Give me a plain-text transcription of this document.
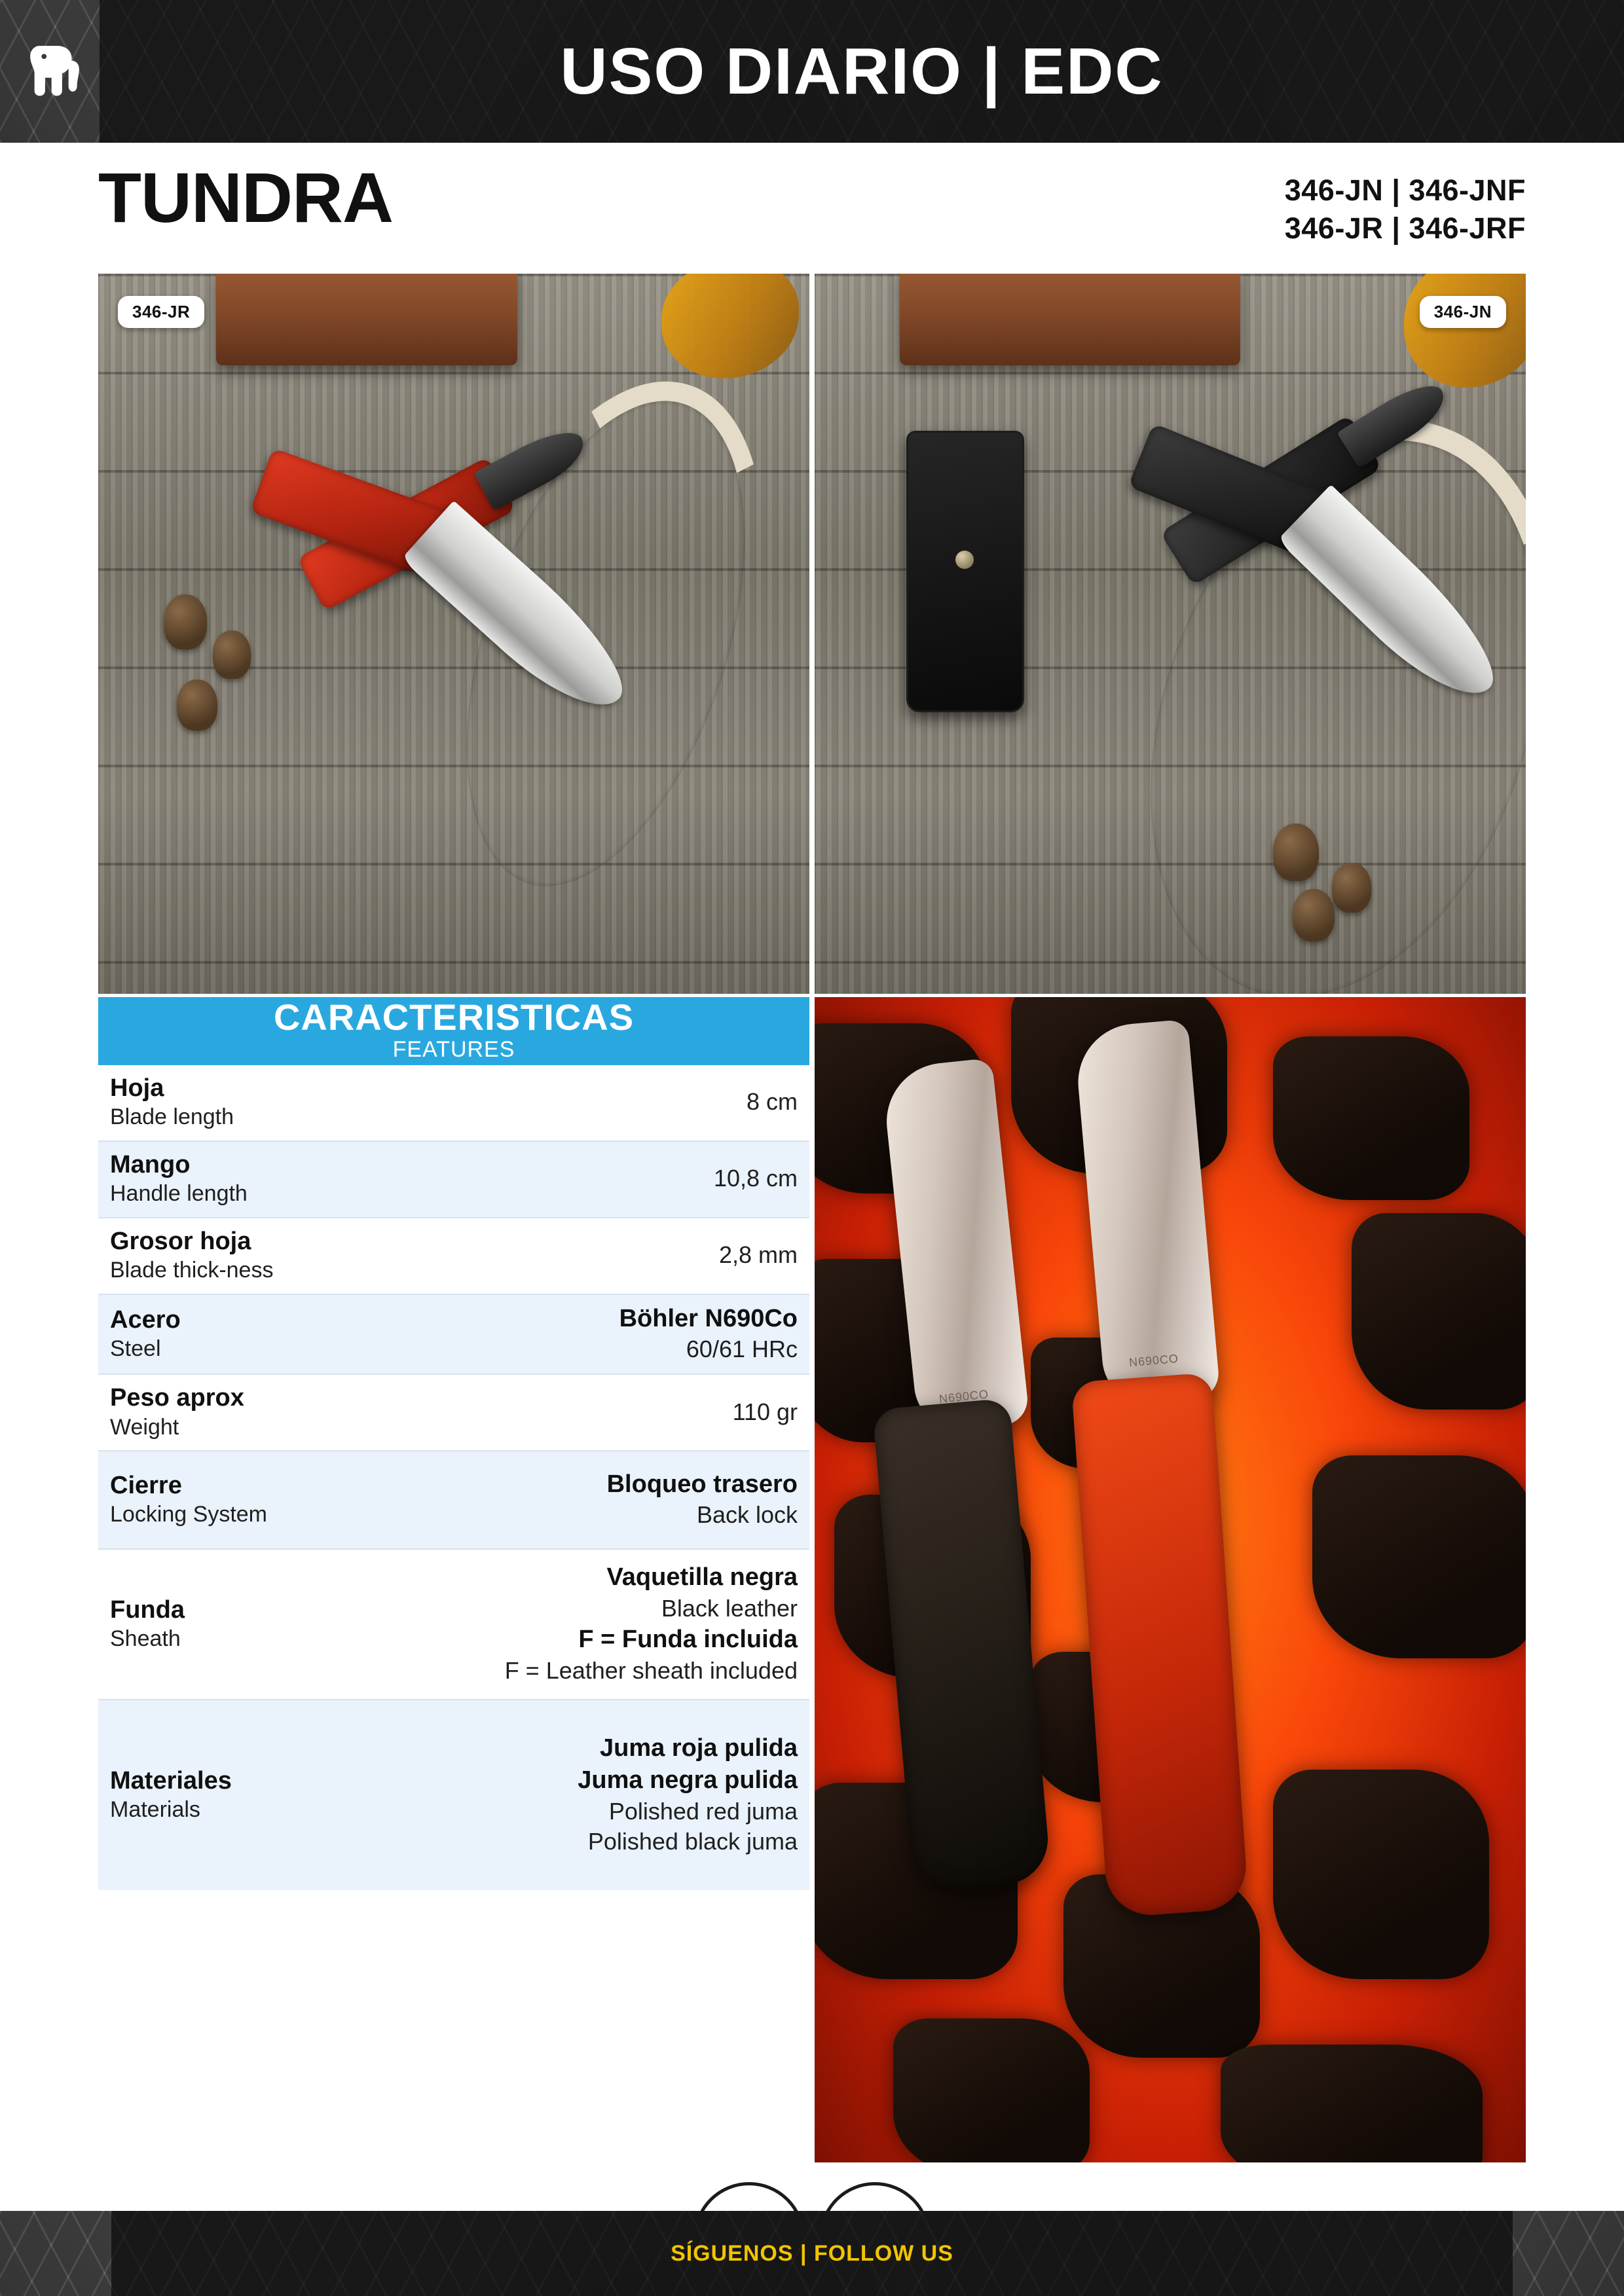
USO DIARIO | EDC
TUNDRA	346-JN | 346-JNF
346-JR | 346-JRF
346-JR	346-JN
CARACTERISTICAS
FEATURES
Hoja
Blade length
8 cm
Mango
Handle length
10,8 cm
Grosor hoja
Blade thick-ness
2,8 mm
Acero
Steel
Böhler N690Co
60/61 HRc
Peso aprox
Weight
110 gr
Cierre
Locking System
Bloqueo trasero
Back lock
Funda
Sheath
Vaquetilla negra
Black leather
F = Funda incluida
F = Leather sheath included
Materiales
Materials
Juma roja pulida
Juma negra pulida
Polished red juma
Polished black juma
N690CO
N690CO
SÍGUENOS | FOLLOW US
